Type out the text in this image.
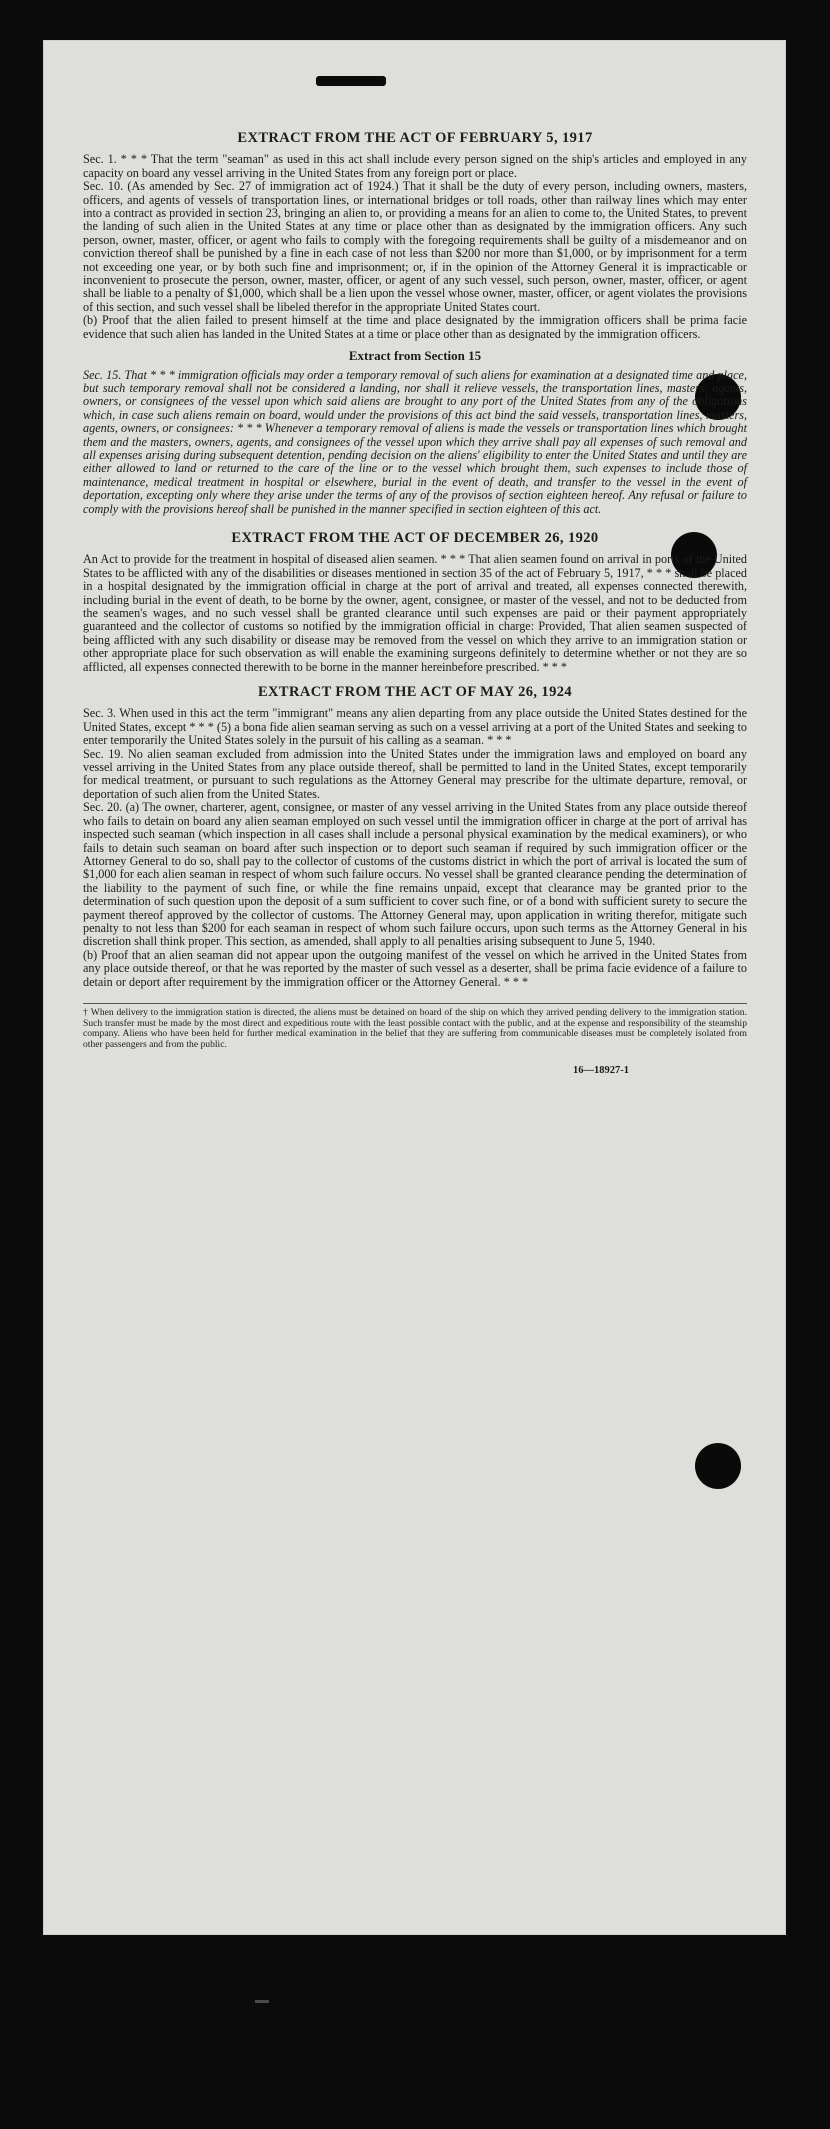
EXTRACT FROM THE ACT OF FEBRUARY 5, 1917

Sec. 1. * * * That the term "seaman" as used in this act shall include every person signed on the ship's articles and employed in any capacity on board any vessel arriving in the United States from any foreign port or place.

Sec. 10. (As amended by Sec. 27 of immigration act of 1924.) That it shall be the duty of every person, including owners, masters, officers, and agents of vessels of transportation lines, or international bridges or toll roads, other than railway lines which may enter into a contract as provided in section 23, bringing an alien to, or providing a means for an alien to come to, the United States, to prevent the landing of such alien in the United States at any time or place other than as designated by the immigration officers. Any such person, owner, master, officer, or agent who fails to comply with the foregoing requirements shall be guilty of a misdemeanor and on conviction thereof shall be punished by a fine in each case of not less than $200 nor more than $1,000, or by imprisonment for a term not exceeding one year, or by both such fine and imprisonment; or, if in the opinion of the Attorney General it is impracticable or inconvenient to prosecute the person, owner, master, officer, or agent of any such vessel, such person, owner, master, officer, or agent shall be liable to a penalty of $1,000, which shall be a lien upon the vessel whose owner, master, officer, or agent violates the provisions of this section, and such vessel shall be libeled therefor in the appropriate United States court.

(b) Proof that the alien failed to present himself at the time and place designated by the immigration officers shall be prima facie evidence that such alien has landed in the United States at a time or place other than as designated by the immigration officers.

Extract from Section 15

Sec. 15. That * * * immigration officials may order a temporary removal of such aliens for examination at a designated time and place, but such temporary removal shall not be considered a landing, nor shall it relieve vessels, the transportation lines, masters, agents, owners, or consignees of the vessel upon which said aliens are brought to any port of the United States from any of the obligations which, in case such aliens remain on board, would under the provisions of this act bind the said vessels, transportation lines, masters, agents, owners, or consignees: * * * Whenever a temporary removal of aliens is made the vessels or transportation lines which brought them and the masters, owners, agents, and consignees of the vessel upon which they arrive shall pay all expenses of such removal and all expenses arising during subsequent detention, pending decision on the aliens' eligibility to enter the United States and until they are either allowed to land or returned to the care of the line or to the vessel which brought them, such expenses to include those of maintenance, medical treatment in hospital or elsewhere, burial in the event of death, and transfer to the vessel in the event of deportation, excepting only where they arise under the terms of any of the provisos of section eighteen hereof. Any refusal or failure to comply with the provisions hereof shall be punished in the manner specified in section eighteen of this act.

EXTRACT FROM THE ACT OF DECEMBER 26, 1920

An Act to provide for the treatment in hospital of diseased alien seamen. * * * That alien seamen found on arrival in ports of the United States to be afflicted with any of the disabilities or diseases mentioned in section 35 of the act of February 5, 1917, * * * shall be placed in a hospital designated by the immigration official in charge at the port of arrival and treated, all expenses connected therewith, including burial in the event of death, to be borne by the owner, agent, consignee, or master of the vessel, and not to be deducted from the seamen's wages, and no such vessel shall be granted clearance until such expenses are paid or their payment appropriately guaranteed and the collector of customs so notified by the immigration official in charge: Provided, That alien seamen suspected of being afflicted with any such disability or disease may be removed from the vessel on which they arrive to an immigration station or other appropriate place for such observation as will enable the examining surgeons definitely to determine whether or not they are so afflicted, all expenses connected therewith to be borne in the manner hereinbefore prescribed. * * *

EXTRACT FROM THE ACT OF MAY 26, 1924

Sec. 3. When used in this act the term "immigrant" means any alien departing from any place outside the United States destined for the United States, except * * * (5) a bona fide alien seaman serving as such on a vessel arriving at a port of the United States and seeking to enter temporarily the United States solely in the pursuit of his calling as a seaman. * * *

Sec. 19. No alien seaman excluded from admission into the United States under the immigration laws and employed on board any vessel arriving in the United States from any place outside thereof, shall be permitted to land in the United States, except temporarily for medical treatment, or pursuant to such regulations as the Attorney General may prescribe for the ultimate departure, removal, or deportation of such alien from the United States.

Sec. 20. (a) The owner, charterer, agent, consignee, or master of any vessel arriving in the United States from any place outside thereof who fails to detain on board any alien seaman employed on such vessel until the immigration officer in charge at the port of arrival has inspected such seaman (which inspection in all cases shall include a personal physical examination by the medical examiners), or who fails to detain such seaman on board after such inspection or to deport such seaman if required by such immigration officer or the Attorney General to do so, shall pay to the collector of customs of the customs district in which the port of arrival is located the sum of $1,000 for each alien seaman in respect of whom such failure occurs. No vessel shall be granted clearance pending the determination of the liability to the payment of such fine, or while the fine remains unpaid, except that clearance may be granted prior to the determination of such question upon the deposit of a sum sufficient to cover such fine, or of a bond with sufficient surety to secure the payment thereof approved by the collector of customs. The Attorney General may, upon application in writing therefor, mitigate such penalty to not less than $200 for each seaman in respect of whom such failure occurs, upon such terms as the Attorney General in his discretion shall think proper. This section, as amended, shall apply to all penalties arising subsequent to June 5, 1940.

(b) Proof that an alien seaman did not appear upon the outgoing manifest of the vessel on which he arrived in the United States from any place outside thereof, or that he was reported by the master of such vessel as a deserter, shall be prima facie evidence of a failure to detain or deport after requirement by the immigration officer or the Attorney General. * * *

† When delivery to the immigration station is directed, the aliens must be detained on board of the ship on which they arrived pending delivery to the immigration station. Such transfer must be made by the most direct and expeditious route with the least possible contact with the public, and at the expense and responsibility of the steamship company. Aliens who have been held for further medical examination in the belief that they are suffering from communicable diseases must be completely isolated from other passengers and from the public.
16—18927-1
